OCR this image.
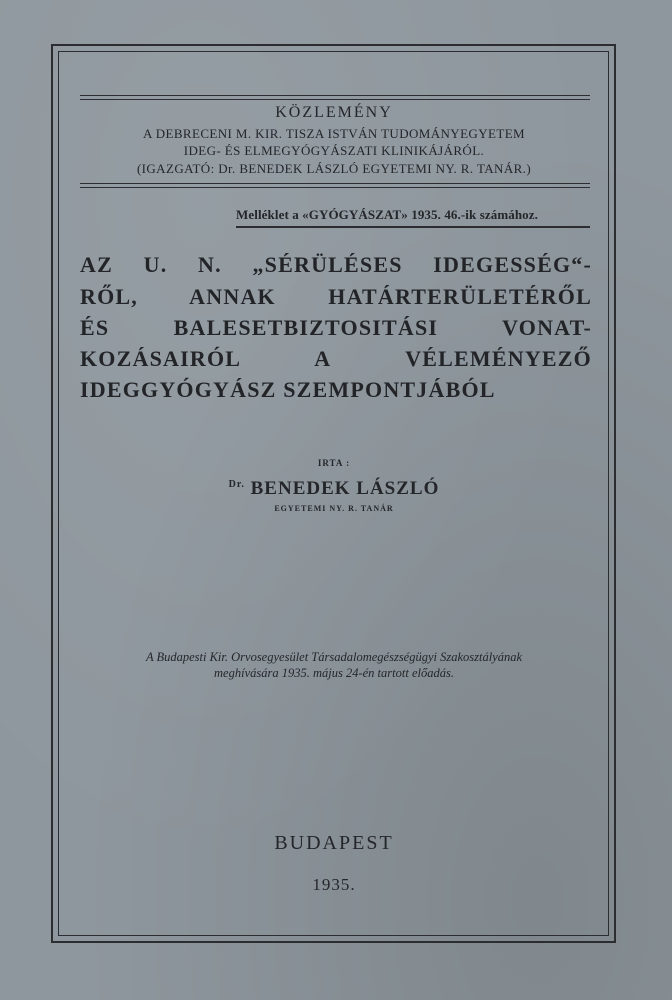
KÖZLEMÉNY
A DEBRECENI M. KIR. TISZA ISTVÁN TUDOMÁNYEGYETEM
IDEG- ÉS ELMEGYÓGYÁSZATI KLINIKÁJÁRÓL.
(IGAZGATÓ: Dr. BENEDEK LÁSZLÓ EGYETEMI NY. R. TANÁR.)
Melléklet a «GYÓGYÁSZAT» 1935. 46.-ik számához.
AZ U. N. „SÉRÜLÉSES IDEGESSÉG“-
RŐL, ANNAK HATÁRTERÜLETÉRŐL
ÉS BALESETBIZTOSITÁSI VONAT-
KOZÁSAIRÓL A VÉLEMÉNYEZŐ
IDEGGYÓGYÁSZ SZEMPONTJÁBÓL
IRTA :
$^{Dr.}$ BENEDEK LÁSZLÓ
EGYETEMI NY. R. TANÁR
A Budapesti Kir. Orvosegyesület Társadalomegészségügyi Szakosztályának
meghívására 1935. május 24-én tartott előadás.
BUDAPEST
1935.
